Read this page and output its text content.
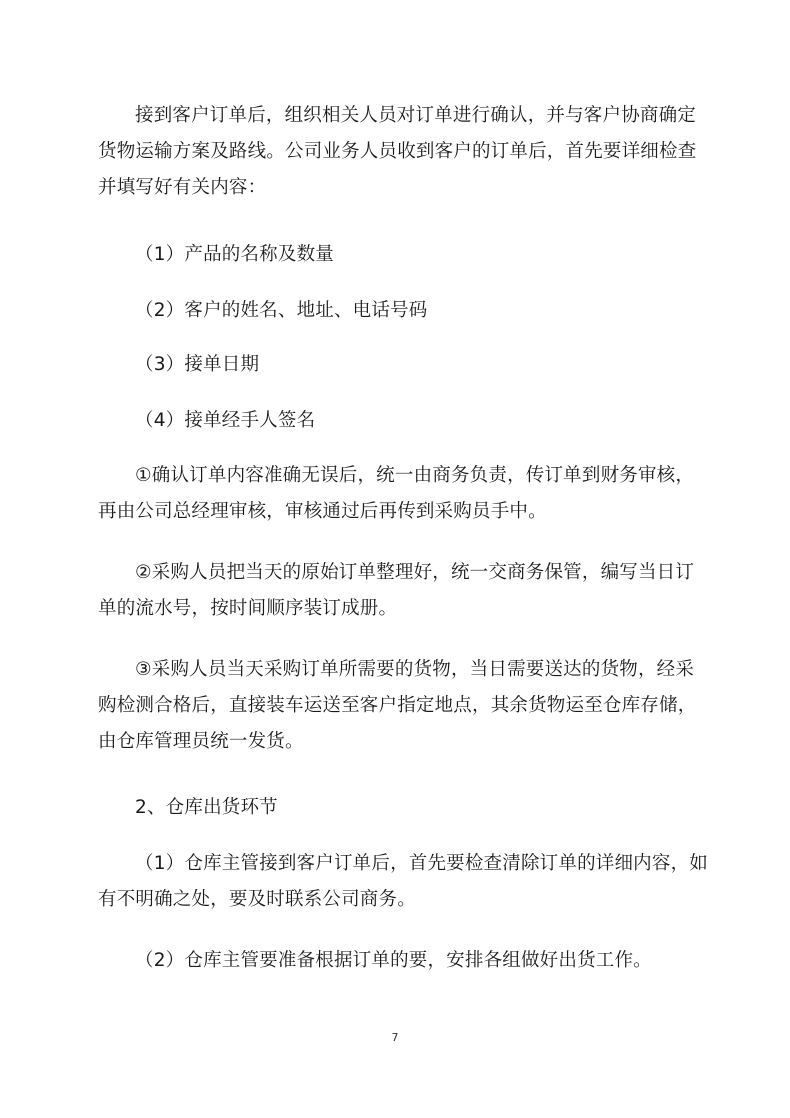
接到客户订单后，组织相关人员对订单进行确认，并与客户协商确定
货物运输方案及路线。公司业务人员收到客户的订单后，首先要详细检查
并填写好有关内容：

（1）产品的名称及数量

（2）客户的姓名、地址、电话号码

（3）接单日期

（4）接单经手人签名

①确认订单内容准确无误后，统一由商务负责，传订单到财务审核，
再由公司总经理审核，审核通过后再传到采购员手中。

②采购人员把当天的原始订单整理好，统一交商务保管，编写当日订
单的流水号，按时间顺序装订成册。

③采购人员当天采购订单所需要的货物，当日需要送达的货物，经采
购检测合格后，直接装车运送至客户指定地点，其余货物运至仓库存储，
由仓库管理员统一发货。

2、仓库出货环节

（1）仓库主管接到客户订单后，首先要检查清除订单的详细内容，如
有不明确之处，要及时联系公司商务。

（2）仓库主管要准备根据订单的要，安排各组做好出货工作。

7
